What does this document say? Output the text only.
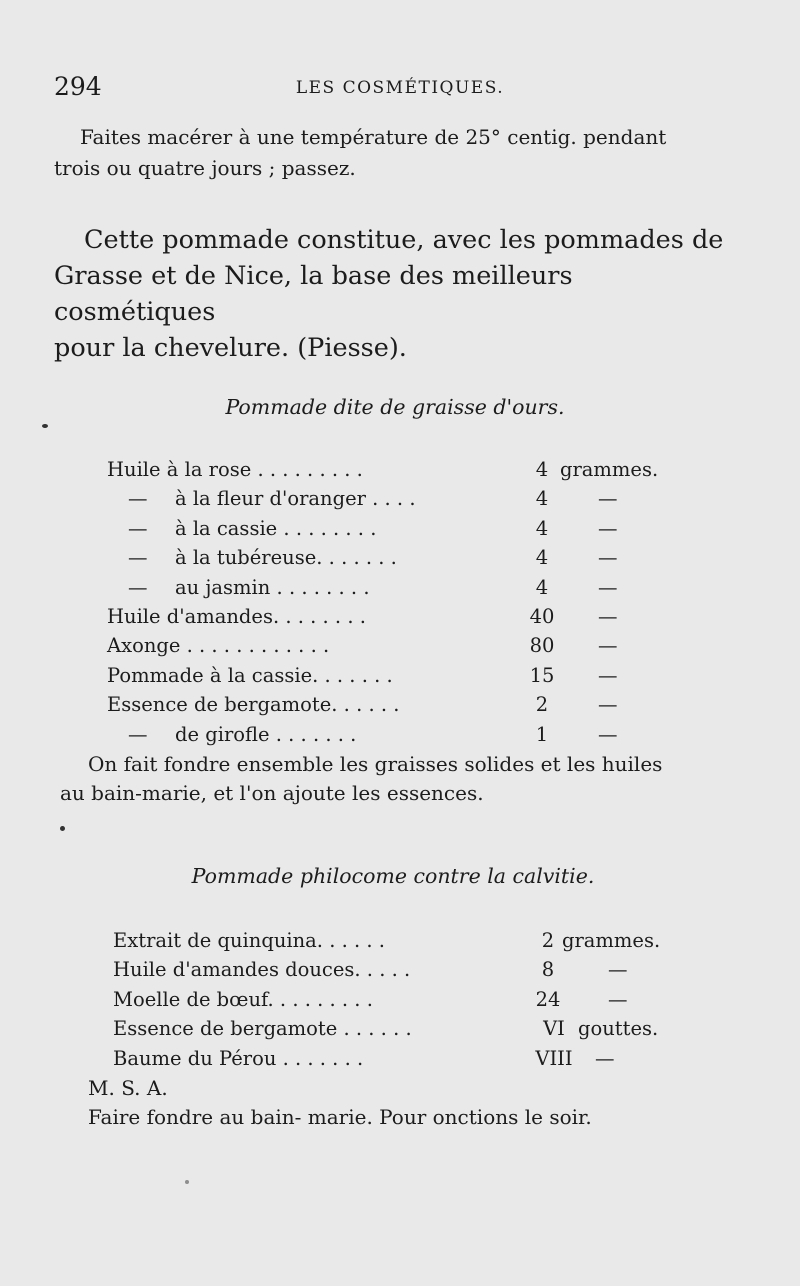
294	LES COSMÉTIQUES.
Faites macérer à une température de 25° centig. pendant
trois ou quatre jours ; passez.
Cette pommade constitue, avec les pommades de
Grasse et de Nice, la base des meilleurs cosmétiques
pour la chevelure. (Piesse).
Pommade dite de graisse d'ours.
Huile à la rose . . . . . . . . .	4 grammes.
— à la fleur d'oranger . . . .	4	—
— à la cassie . . . . . . . .	4	—
— à la tubéreuse. . . . . . .	4	—
— au jasmin . . . . . . . .	4	—
Huile d'amandes. . . . . . . .	40	—
Axonge . . . . . . . . . . . .	80	—
Pommade à la cassie. . . . . . .	15	—
Essence de bergamote. . . . . .	2	—
— de girofle . . . . . . .	1	—
On fait fondre ensemble les graisses solides et les huiles
au bain-marie, et l'on ajoute les essences.
Pommade philocome contre la calvitie.
Extrait de quinquina. . . . . .	2 grammes.
Huile d'amandes douces. . . . .	8	—
Moelle de bœuf. . . . . . . . .	24	—
Essence de bergamote . . . . . .	VI gouttes.
Baume du Pérou . . . . . . .	VIII —
M. S. A.
Faire fondre au bain- marie. Pour onctions le soir.
